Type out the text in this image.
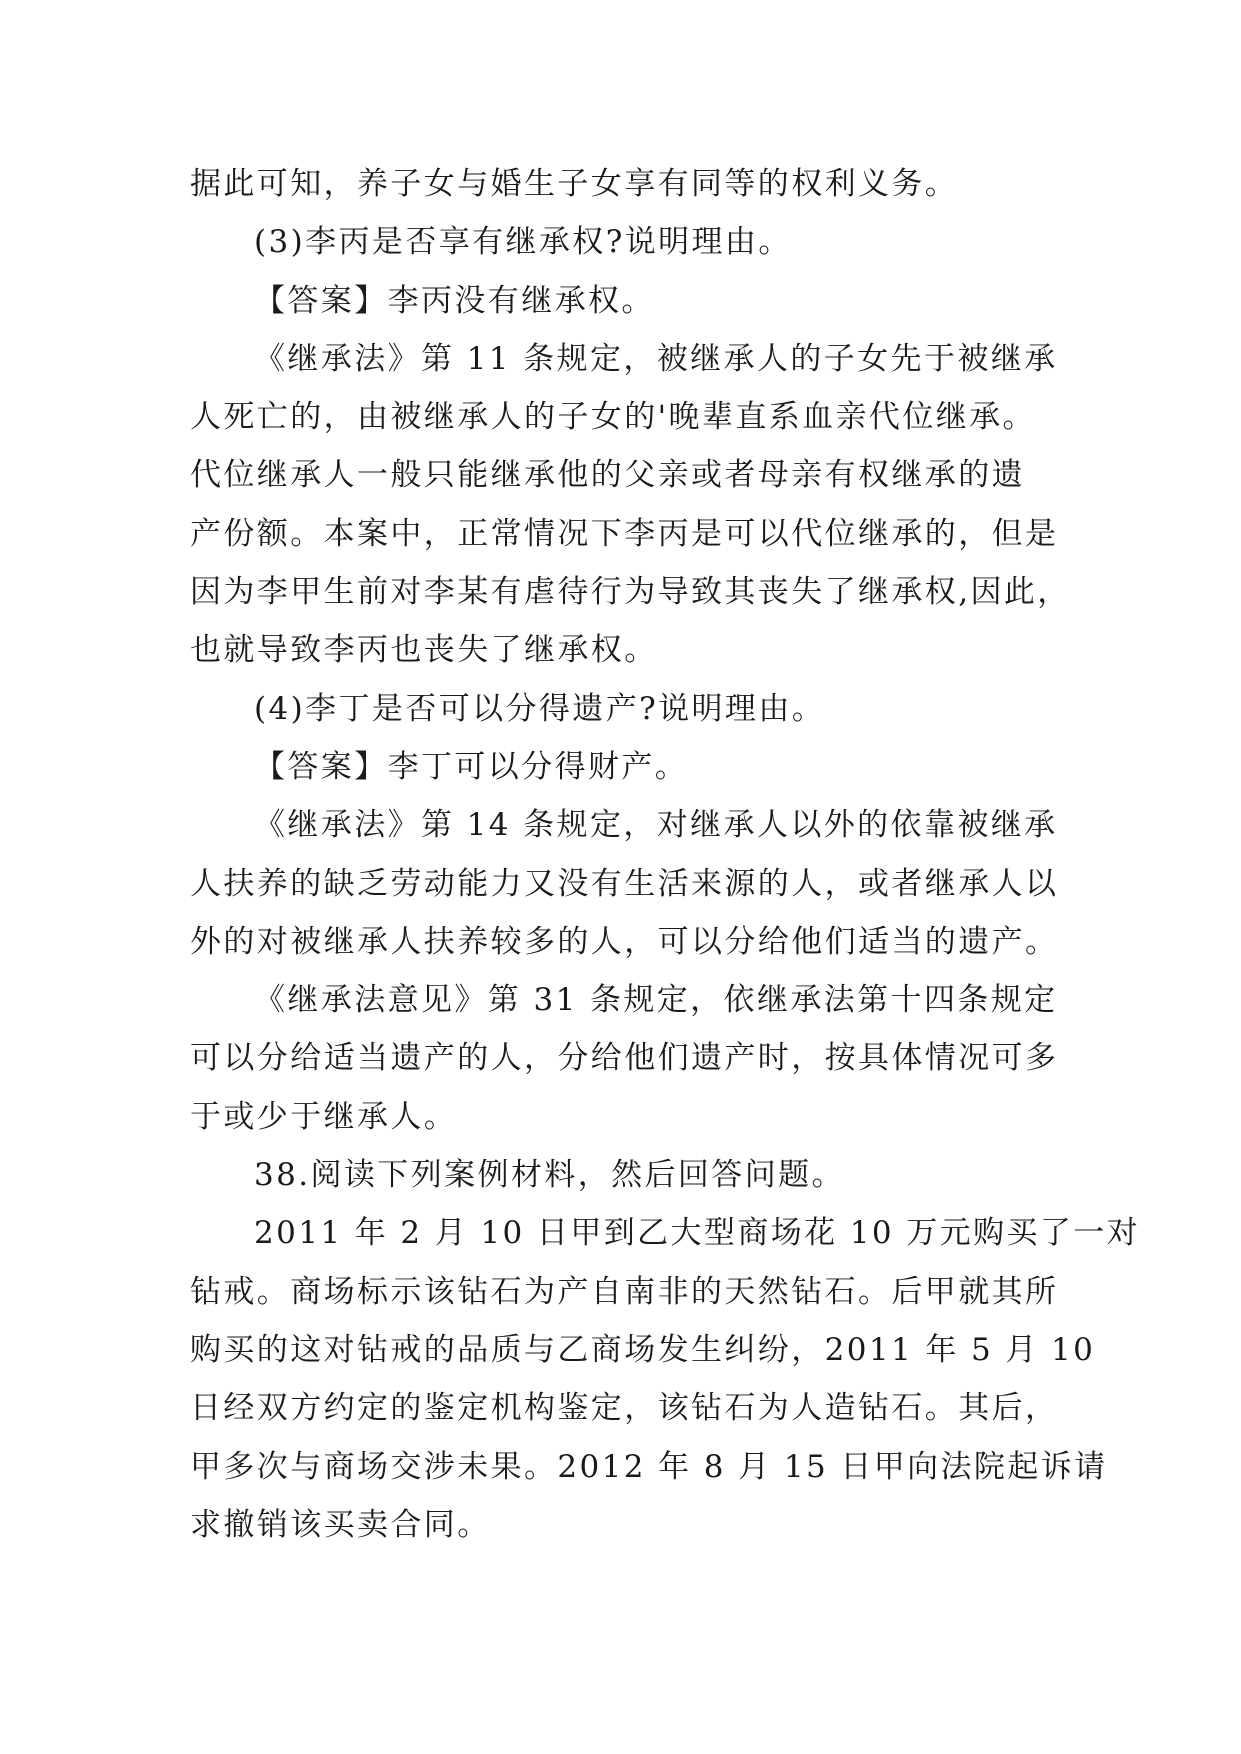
据此可知，养子女与婚生子女享有同等的权利义务。
(3)李丙是否享有继承权?说明理由。
【答案】李丙没有继承权。
《继承法》第 11 条规定，被继承人的子女先于被继承
人死亡的，由被继承人的子女的'晚辈直系血亲代位继承。
代位继承人一般只能继承他的父亲或者母亲有权继承的遗
产份额。本案中，正常情况下李丙是可以代位继承的，但是
因为李甲生前对李某有虐待行为导致其丧失了继承权,因此，
也就导致李丙也丧失了继承权。
(4)李丁是否可以分得遗产?说明理由。
【答案】李丁可以分得财产。
《继承法》第 14 条规定，对继承人以外的依靠被继承
人扶养的缺乏劳动能力又没有生活来源的人，或者继承人以
外的对被继承人扶养较多的人，可以分给他们适当的遗产。
《继承法意见》第 31 条规定，依继承法第十四条规定
可以分给适当遗产的人，分给他们遗产时，按具体情况可多
于或少于继承人。
38.阅读下列案例材料，然后回答问题。
2011 年 2 月 10 日甲到乙大型商场花 10 万元购买了一对
钻戒。商场标示该钻石为产自南非的天然钻石。后甲就其所
购买的这对钻戒的品质与乙商场发生纠纷，2011 年 5 月 10
日经双方约定的鉴定机构鉴定，该钻石为人造钻石。其后，
甲多次与商场交涉未果。2012 年 8 月 15 日甲向法院起诉请
求撤销该买卖合同。
